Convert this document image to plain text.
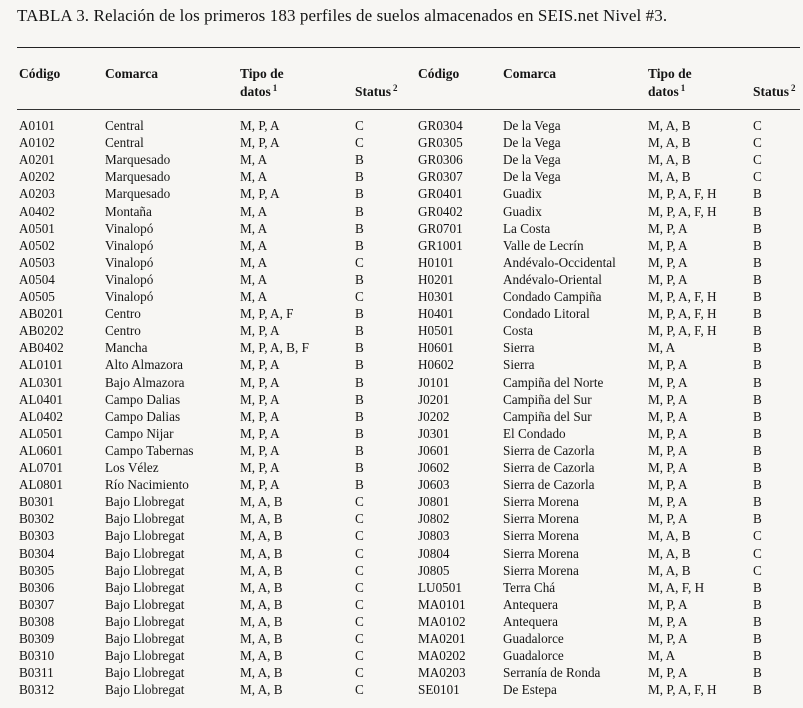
TABLA 3. Relación de los primeros 183 perfiles de suelos almacenados en SEIS.net Nivel #3.
Código	Comarca	Tipo de
datos $^1$	Status $^2$
Código	Comarca	Tipo de
datos $^1$	Status $^2$
A0101	Central	M, P, A	C
A0102	Central	M, P, A	C
A0201	Marquesado	M, A	B
A0202	Marquesado	M, A	B
A0203	Marquesado	M, P, A	B
A0402	Montaña	M, A	B
A0501	Vinalopó	M, A	B
A0502	Vinalopó	M, A	B
A0503	Vinalopó	M, A	C
A0504	Vinalopó	M, A	B
A0505	Vinalopó	M, A	C
AB0201	Centro	M, P, A, F	B
AB0202	Centro	M, P, A	B
AB0402	Mancha	M, P, A, B, F	B
AL0101	Alto Almazora	M, P, A	B
AL0301	Bajo Almazora	M, P, A	B
AL0401	Campo Dalias	M, P, A	B
AL0402	Campo Dalias	M, P, A	B
AL0501	Campo Nijar	M, P, A	B
AL0601	Campo Tabernas	M, P, A	B
AL0701	Los Vélez	M, P, A	B
AL0801	Río Nacimiento	M, P, A	B
B0301	Bajo Llobregat	M, A, B	C
B0302	Bajo Llobregat	M, A, B	C
B0303	Bajo Llobregat	M, A, B	C
B0304	Bajo Llobregat	M, A, B	C
B0305	Bajo Llobregat	M, A, B	C
B0306	Bajo Llobregat	M, A, B	C
B0307	Bajo Llobregat	M, A, B	C
B0308	Bajo Llobregat	M, A, B	C
B0309	Bajo Llobregat	M, A, B	C
B0310	Bajo Llobregat	M, A, B	C
B0311	Bajo Llobregat	M, A, B	C
B0312	Bajo Llobregat	M, A, B	C
GR0304	De la Vega	M, A, B	C
GR0305	De la Vega	M, A, B	C
GR0306	De la Vega	M, A, B	C
GR0307	De la Vega	M, A, B	C
GR0401	Guadix	M, P, A, F, H	B
GR0402	Guadix	M, P, A, F, H	B
GR0701	La Costa	M, P, A	B
GR1001	Valle de Lecrín	M, P, A	B
H0101	Andévalo-Occidental M, P, A	B
H0201	Andévalo-Oriental	M, P, A	B
H0301	Condado Campiña	M, P, A, F, H	B
H0401	Condado Litoral	M, P, A, F, H	B
H0501	Costa	M, P, A, F, H	B
H0601	Sierra	M, A	B
H0602	Sierra	M, P, A	B
J0101	Campiña del Norte	M, P, A	B
J0201	Campiña del Sur	M, P, A	B
J0202	Campiña del Sur	M, P, A	B
J0301	El Condado	M, P, A	B
J0601	Sierra de Cazorla	M, P, A	B
J0602	Sierra de Cazorla	M, P, A	B
J0603	Sierra de Cazorla	M, P, A	B
J0801	Sierra Morena	M, P, A	B
J0802	Sierra Morena	M, P, A	B
J0803	Sierra Morena	M, A, B	C
J0804	Sierra Morena	M, A, B	C
J0805	Sierra Morena	M, A, B	C
LU0501	Terra Chá	M, A, F, H	B
MA0101	Antequera	M, P, A	B
MA0102	Antequera	M, P, A	B
MA0201	Guadalorce	M, P, A	B
MA0202	Guadalorce	M, A	B
MA0203	Serranía de Ronda	M, P, A	B
SE0101	De Estepa	M, P, A, F, H	B
